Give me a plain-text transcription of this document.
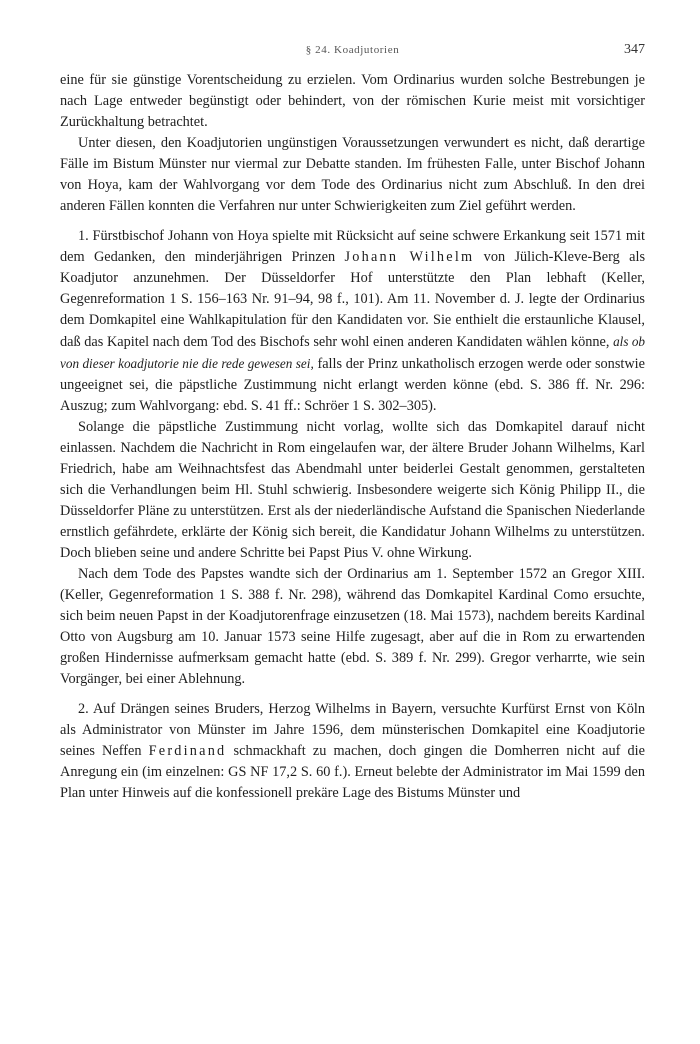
§ 24. Koadjutorien	347

eine für sie günstige Vorentscheidung zu erzielen. Vom Ordinarius wurden solche Bestrebungen je nach Lage entweder begünstigt oder behindert, von der römischen Kurie meist mit vorsichtiger Zurückhaltung betrachtet.

Unter diesen, den Koadjutorien ungünstigen Voraussetzungen verwundert es nicht, daß derartige Fälle im Bistum Münster nur viermal zur Debatte standen. Im frühesten Falle, unter Bischof Johann von Hoya, kam der Wahlvorgang vor dem Tode des Ordinarius nicht zum Abschluß. In den drei anderen Fällen konnten die Verfahren nur unter Schwierigkeiten zum Ziel geführt werden.

1. Fürstbischof Johann von Hoya spielte mit Rücksicht auf seine schwere Erkankung seit 1571 mit dem Gedanken, den minderjährigen Prinzen Johann Wilhelm von Jülich-Kleve-Berg als Koadjutor anzunehmen. Der Düsseldorfer Hof unterstützte den Plan lebhaft (Keller, Gegenreformation 1 S. 156–163 Nr. 91–94, 98 f., 101). Am 11. November d. J. legte der Ordinarius dem Domkapitel eine Wahlkapitulation für den Kandidaten vor. Sie enthielt die erstaunliche Klausel, daß das Kapitel nach dem Tod des Bischofs sehr wohl einen anderen Kandidaten wählen könne, als ob von dieser koadjutorie nie die rede gewesen sei, falls der Prinz unkatholisch erzogen werde oder sonstwie ungeeignet sei, die päpstliche Zustimmung nicht erlangt werden könne (ebd. S. 386 ff. Nr. 296: Auszug; zum Wahlvorgang: ebd. S. 41 ff.: Schröer 1 S. 302–305).

Solange die päpstliche Zustimmung nicht vorlag, wollte sich das Domkapitel darauf nicht einlassen. Nachdem die Nachricht in Rom eingelaufen war, der ältere Bruder Johann Wilhelms, Karl Friedrich, habe am Weihnachtsfest das Abendmahl unter beiderlei Gestalt genommen, gerstalteten sich die Verhandlungen beim Hl. Stuhl schwierig. Insbesondere weigerte sich König Philipp II., die Düsseldorfer Pläne zu unterstützen. Erst als der niederländische Aufstand die Spanischen Niederlande ernstlich gefährdete, erklärte der König sich bereit, die Kandidatur Johann Wilhelms zu unterstützen. Doch blieben seine und andere Schritte bei Papst Pius V. ohne Wirkung.

Nach dem Tode des Papstes wandte sich der Ordinarius am 1. September 1572 an Gregor XIII. (Keller, Gegenreformation 1 S. 388 f. Nr. 298), während das Domkapitel Kardinal Como ersuchte, sich beim neuen Papst in der Koadjutorenfrage einzusetzen (18. Mai 1573), nachdem bereits Kardinal Otto von Augsburg am 10. Januar 1573 seine Hilfe zugesagt, aber auf die in Rom zu erwartenden großen Hindernisse aufmerksam gemacht hatte (ebd. S. 389 f. Nr. 299). Gregor verharrte, wie sein Vorgänger, bei einer Ablehnung.

2. Auf Drängen seines Bruders, Herzog Wilhelms in Bayern, versuchte Kurfürst Ernst von Köln als Administrator von Münster im Jahre 1596, dem münsterischen Domkapitel eine Koadjutorie seines Neffen Ferdinand schmackhaft zu machen, doch gingen die Domherren nicht auf die Anregung ein (im einzelnen: GS NF 17,2 S. 60 f.). Erneut belebte der Administrator im Mai 1599 den Plan unter Hinweis auf die konfessionell prekäre Lage des Bistums Münster und
